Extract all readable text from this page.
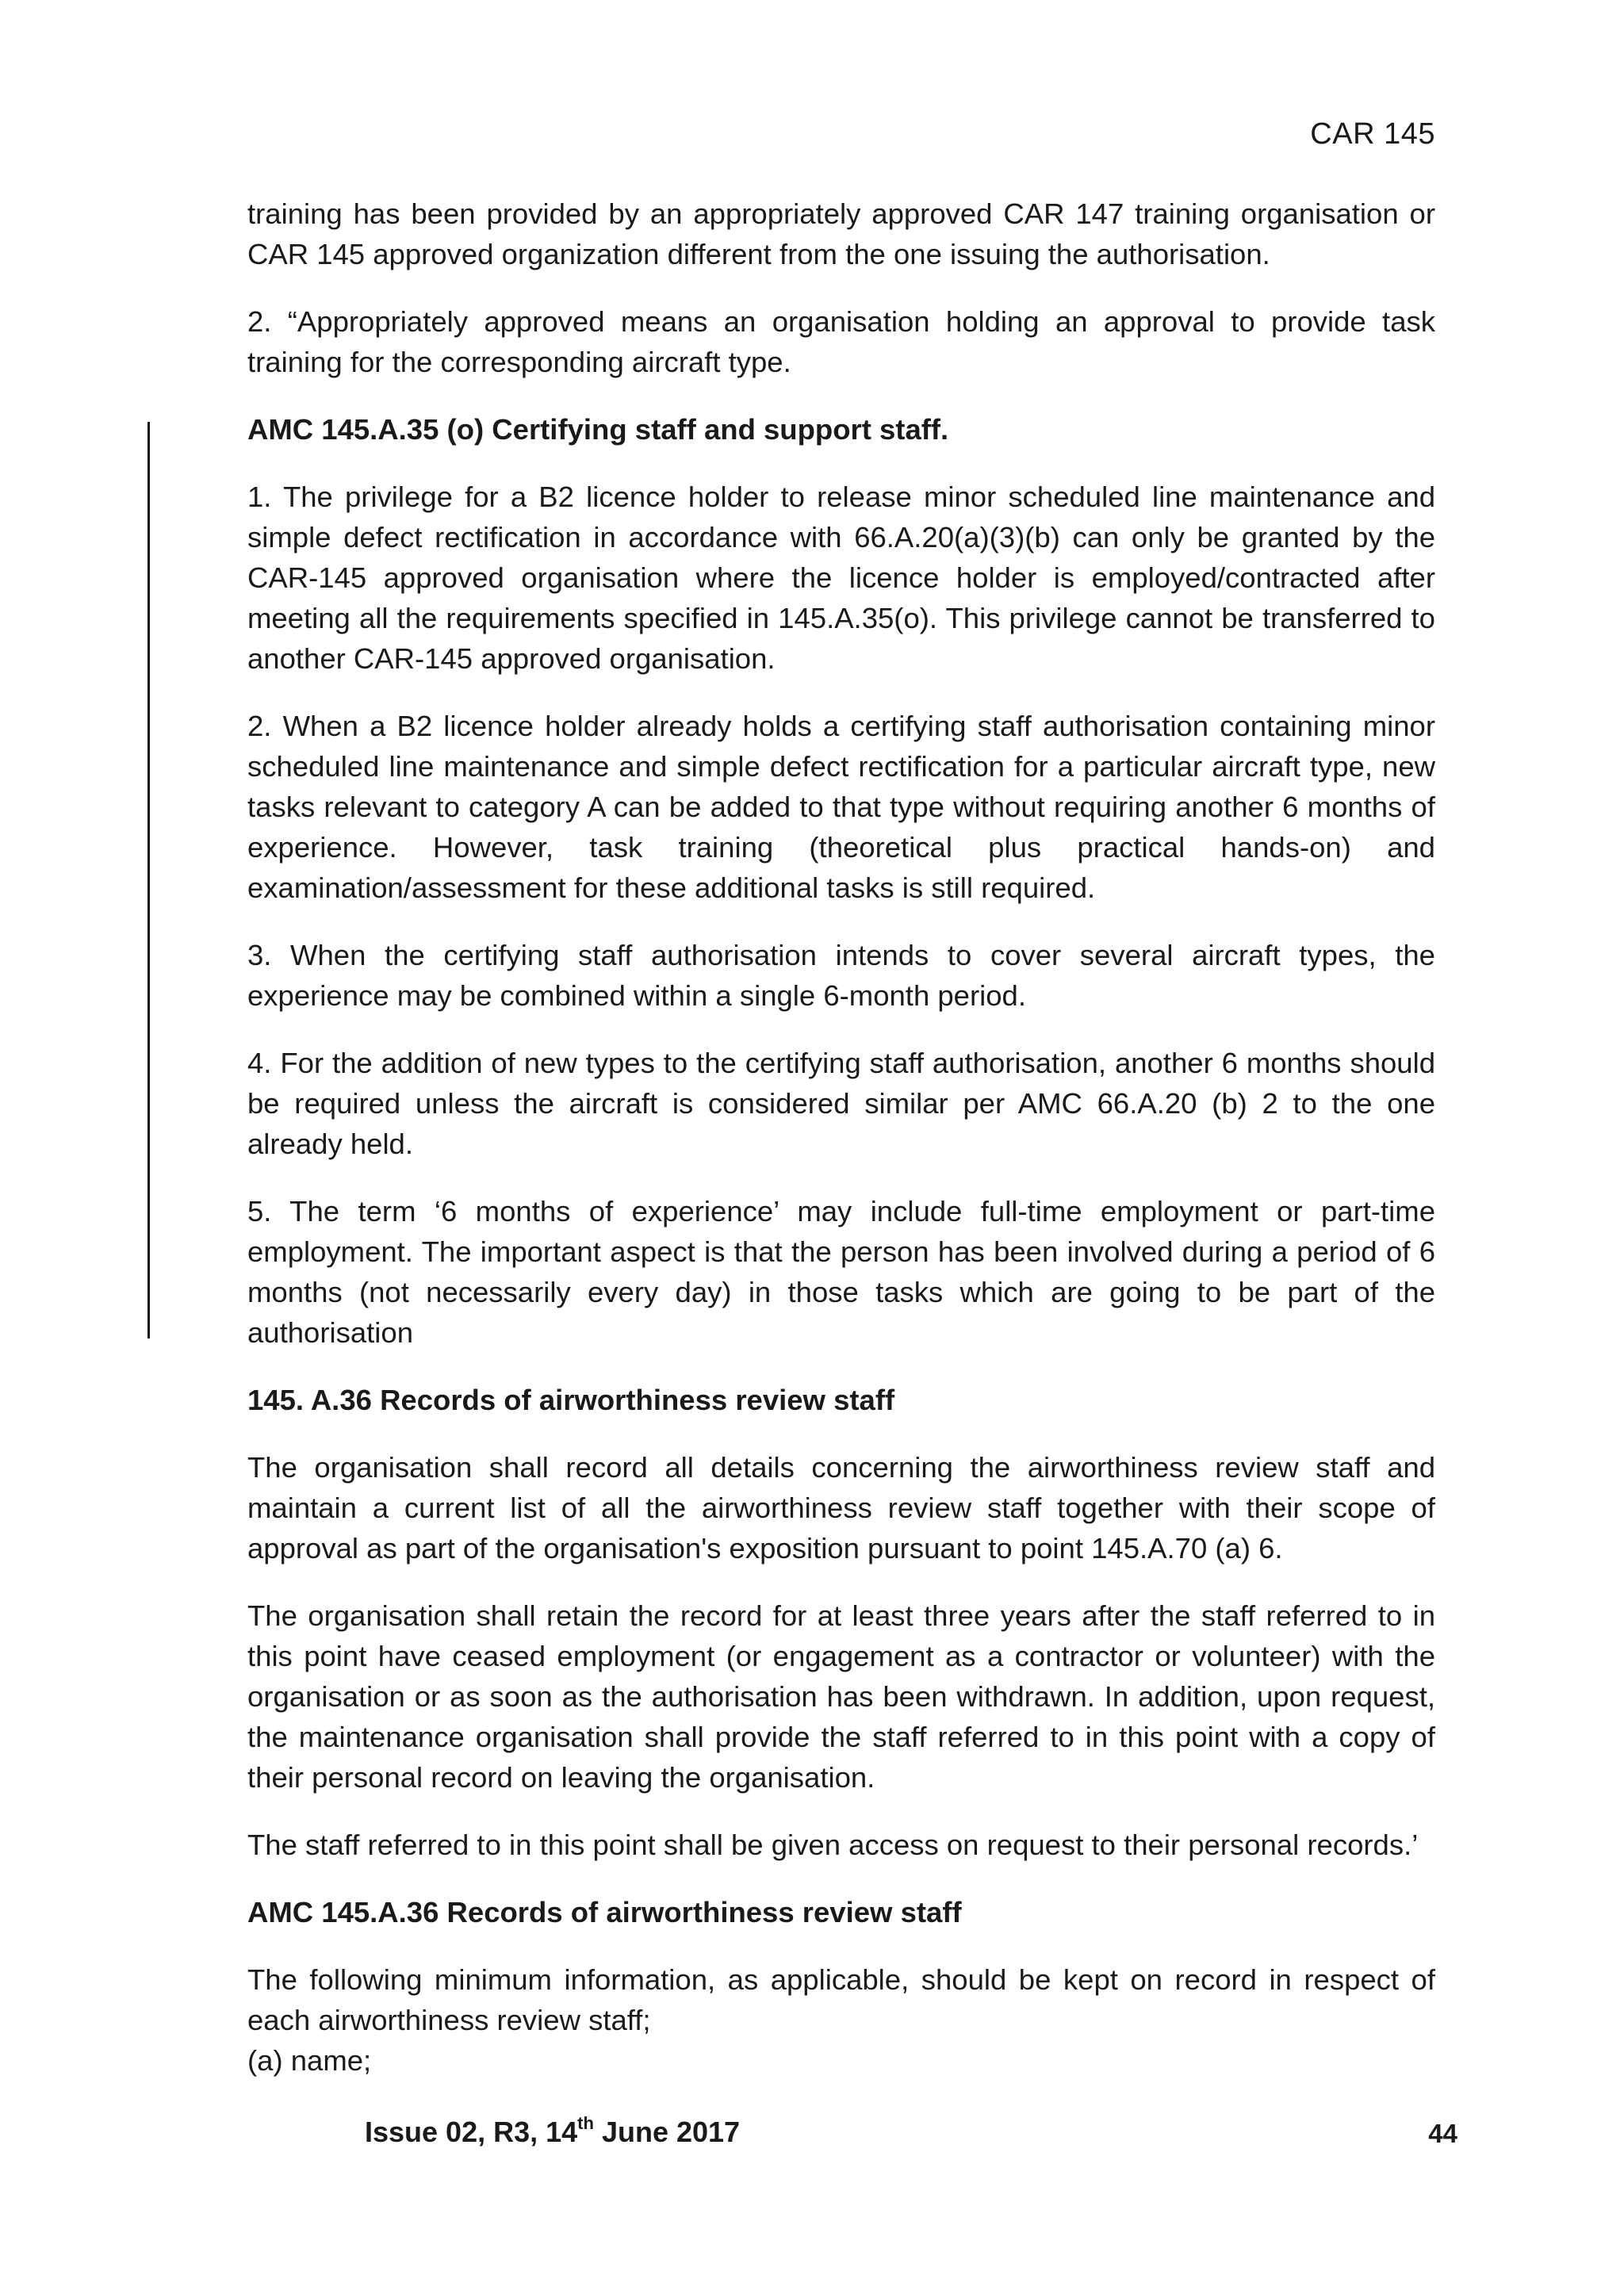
CAR 145

training has been provided by an appropriately approved CAR 147 training organisation or CAR 145 approved organization different from the one issuing the authorisation.

2. “Appropriately approved means an organisation holding an approval to provide task training for the corresponding aircraft type.

AMC 145.A.35 (o) Certifying staff and support staff.

1. The privilege for a B2 licence holder to release minor scheduled line maintenance and simple defect rectification in accordance with 66.A.20(a)(3)(b) can only be granted by the CAR-145 approved organisation where the licence holder is employed/contracted after meeting all the requirements specified in 145.A.35(o). This privilege cannot be transferred to another CAR-145 approved organisation.

2. When a B2 licence holder already holds a certifying staff authorisation containing minor scheduled line maintenance and simple defect rectification for a particular aircraft type, new tasks relevant to category A can be added to that type without requiring another 6 months of experience. However, task training (theoretical plus practical hands-on) and examination/assessment for these additional tasks is still required.

3. When the certifying staff authorisation intends to cover several aircraft types, the experience may be combined within a single 6-month period.

4. For the addition of new types to the certifying staff authorisation, another 6 months should be required unless the aircraft is considered similar per AMC 66.A.20 (b) 2 to the one already held.

5. The term ‘6 months of experience’ may include full-time employment or part-time employment. The important aspect is that the person has been involved during a period of 6 months (not necessarily every day) in those tasks which are going to be part of the authorisation

145. A.36 Records of airworthiness review staff

The organisation shall record all details concerning the airworthiness review staff and maintain a current list of all the airworthiness review staff together with their scope of approval as part of the organisation's exposition pursuant to point 145.A.70 (a) 6.

The organisation shall retain the record for at least three years after the staff referred to in this point have ceased employment (or engagement as a contractor or volunteer) with the organisation or as soon as the authorisation has been withdrawn. In addition, upon request, the maintenance organisation shall provide the staff referred to in this point with a copy of their personal record on leaving the organisation.

The staff referred to in this point shall be given access on request to their personal records.’

AMC 145.A.36 Records of airworthiness review staff

The following minimum information, as applicable, should be kept on record in respect of each airworthiness review staff;

(a) name;

Issue 02, R3, 14th June 2017	44
